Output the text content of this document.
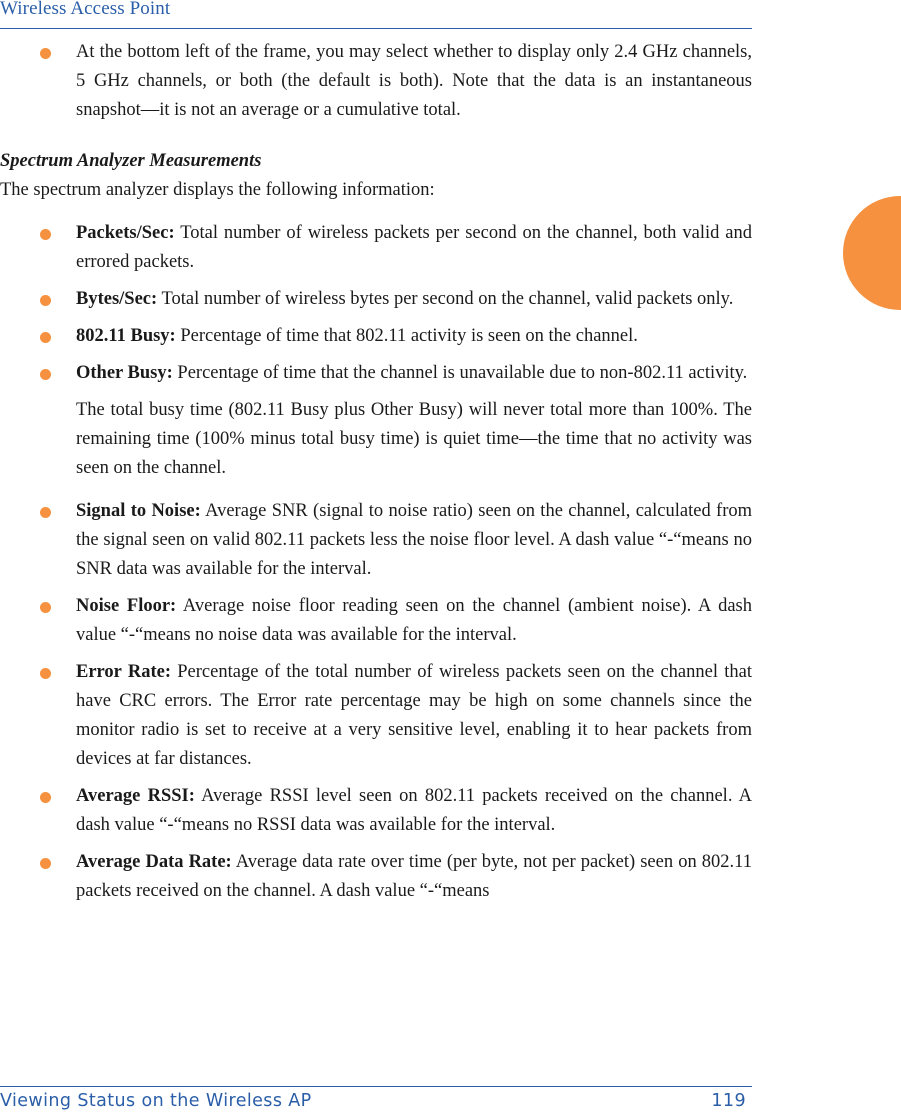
Wireless Access Point
At the bottom left of the frame, you may select whether to display only 2.4 GHz channels, 5 GHz channels, or both (the default is both). Note that the data is an instantaneous snapshot—it is not an average or a cumulative total.
Spectrum Analyzer Measurements
The spectrum analyzer displays the following information:
Packets/Sec: Total number of wireless packets per second on the channel, both valid and errored packets.
Bytes/Sec: Total number of wireless bytes per second on the channel, valid packets only.
802.11 Busy: Percentage of time that 802.11 activity is seen on the channel.
Other Busy: Percentage of time that the channel is unavailable due to non-802.11 activity.
The total busy time (802.11 Busy plus Other Busy) will never total more than 100%. The remaining time (100% minus total busy time) is quiet time—the time that no activity was seen on the channel.
Signal to Noise: Average SNR (signal to noise ratio) seen on the channel, calculated from the signal seen on valid 802.11 packets less the noise floor level. A dash value “-“means no SNR data was available for the interval.
Noise Floor: Average noise floor reading seen on the channel (ambient noise). A dash value “-“means no noise data was available for the interval.
Error Rate: Percentage of the total number of wireless packets seen on the channel that have CRC errors. The Error rate percentage may be high on some channels since the monitor radio is set to receive at a very sensitive level, enabling it to hear packets from devices at far distances.
Average RSSI: Average RSSI level seen on 802.11 packets received on the channel. A dash value “-“means no RSSI data was available for the interval.
Average Data Rate: Average data rate over time (per byte, not per packet) seen on 802.11 packets received on the channel. A dash value “-“means
Viewing Status on the Wireless AP	119
